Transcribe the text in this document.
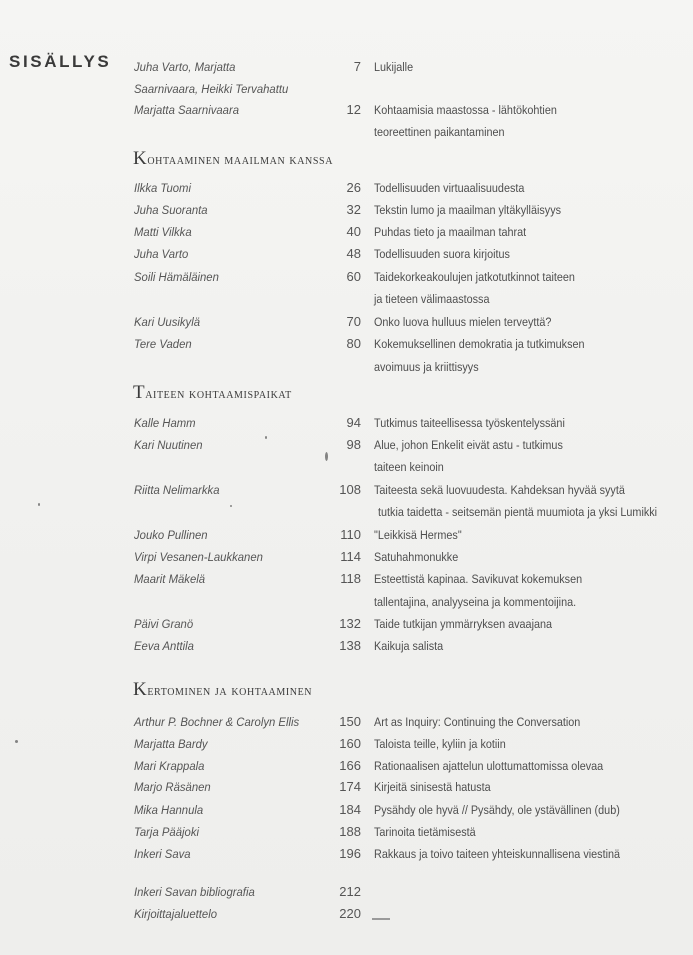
SISÄLLYS Juha Varto, Marjatta	7 Lukijalle
Saarnivaara, Heikki Tervahattu
Marjatta Saarnivaara	12 Kohtaamisia maastossa - lähtökohtien
teoreettinen paikantaminen
Kohtaaminen maailman kanssa
Ilkka Tuomi	26 Todellisuuden virtuaalisuudesta
Juha Suoranta	32 Tekstin lumo ja maailman yltäkylläisyys
Matti Vilkka	40 Puhdas tieto ja maailman tahrat
Juha Varto	48 Todellisuuden suora kirjoitus
Soili Hämäläinen	60 Taidekorkeakoulujen jatkotutkinnot taiteen
ja tieteen välimaastossa
Kari Uusikylä	70 Onko luova hulluus mielen terveyttä?
Tere Vaden	80 Kokemuksellinen demokratia ja tutkimuksen
avoimuus ja kriittisyys
Taiteen kohtaamispaikat
Kalle Hamm	94 Tutkimus taiteellisessa työskentelyssäni
Kari Nuutinen	98 Alue, johon Enkelit eivät astu - tutkimus
taiteen keinoin
Riitta Nelimarkka	108 Taiteesta sekä luovuudesta. Kahdeksan hyvää syytä
tutkia taidetta - seitsemän pientä muumiota ja yksi Lumikki
Jouko Pullinen	110 "Leikkisä Hermes"
Virpi Vesanen-Laukkanen	114 Satuhahmonukke
Maarit Mäkelä	118 Esteettistä kapinaa. Savikuvat kokemuksen
tallentajina, analyyseina ja kommentoijina.
Päivi Granö	132 Taide tutkijan ymmärryksen avaajana
Eeva Anttila	138 Kaikuja salista
Kertominen ja kohtaaminen
Arthur P. Bochner & Carolyn Ellis	150 Art as Inquiry: Continuing the Conversation
Marjatta Bardy	160 Taloista teille, kyliin ja kotiin
Mari Krappala	166 Rationaalisen ajattelun ulottumattomissa olevaa
Marjo Räsänen	174 Kirjeitä sinisestä hatusta
Mika Hannula	184 Pysähdy ole hyvä // Pysähdy, ole ystävällinen (dub)
Tarja Pääjoki	188 Tarinoita tietämisestä
Inkeri Sava	196 Rakkaus ja toivo taiteen yhteiskunnallisena viestinä
Inkeri Savan bibliografia	212
Kirjoittajaluettelo	220
